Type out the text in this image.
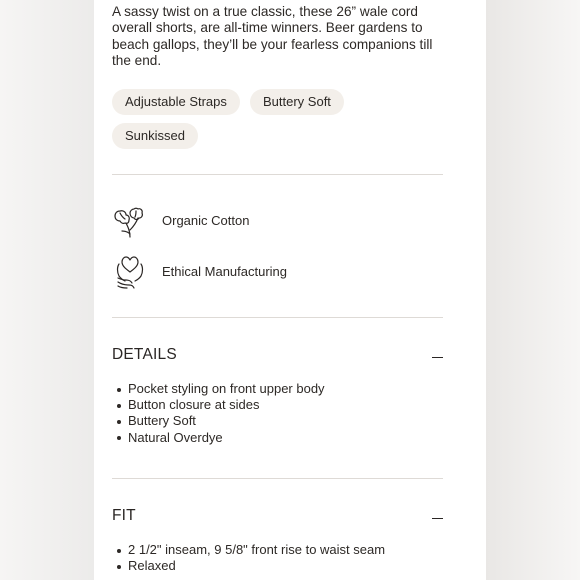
A sassy twist on a true classic, these 26” wale cord overall shorts, are all-time winners. Beer gardens to beach gallops, they’ll be your fearless companions till the end.

Adjustable Straps	Buttery Soft
Sunkissed
Organic Cotton
Ethical Manufacturing
DETAILS
Pocket styling on front upper body
Button closure at sides
Buttery Soft
Natural Overdye
FIT
2 1/2" inseam, 9 5/8" front rise to waist seam
Relaxed
